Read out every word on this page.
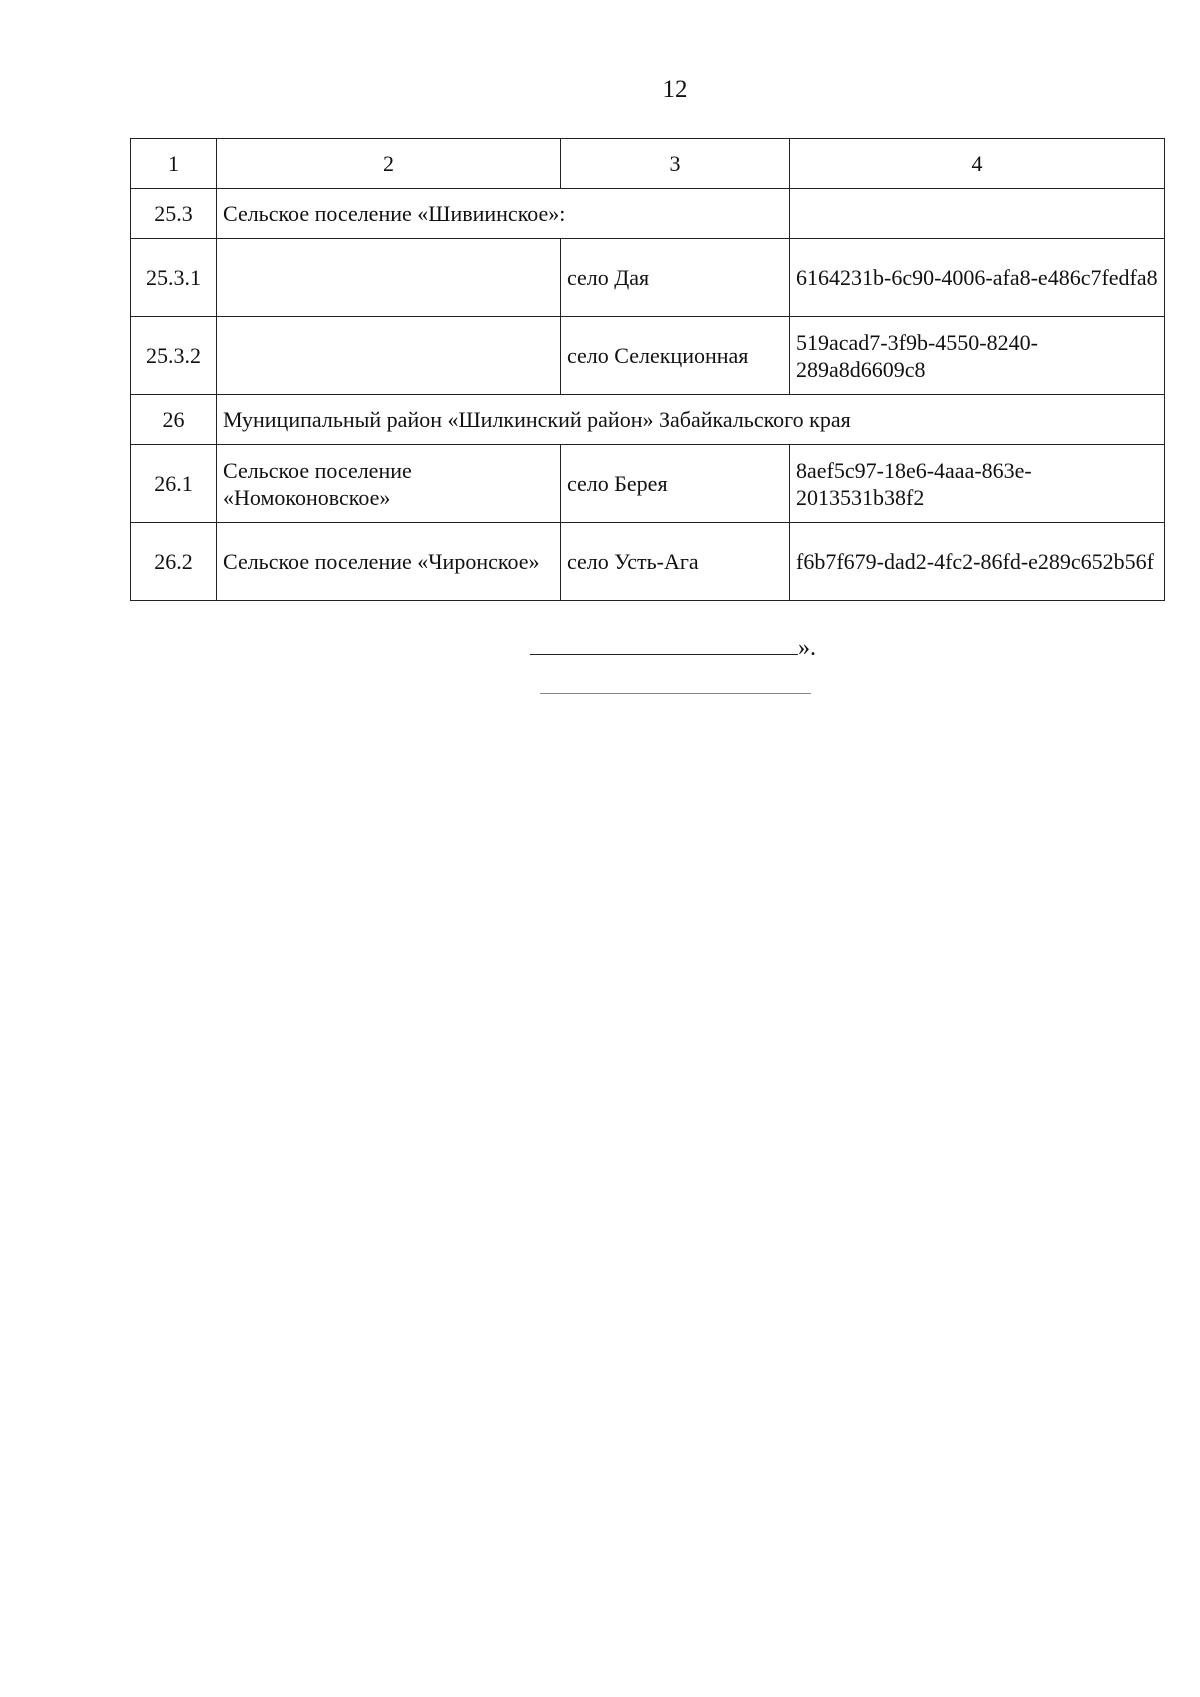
12
1	2	3	4
25.3	Сельское поселение «Шивиинское»:		
25.3.1		село Дая	6164231b-6c90-4006-afa8-e486c7fedfa8
25.3.2		село Селекционная	519acad7-3f9b-4550-8240-289a8d6609c8
26	Муниципальный район «Шилкинский район» Забайкальского края		
26.1	Сельское поселение «Номоконовское»	село Берея	8aef5c97-18e6-4aaa-863e-2013531b38f2
26.2	Сельское поселение «Чиронское»	село Усть-Ага	f6b7f679-dad2-4fc2-86fd-e289c652b56f
».
